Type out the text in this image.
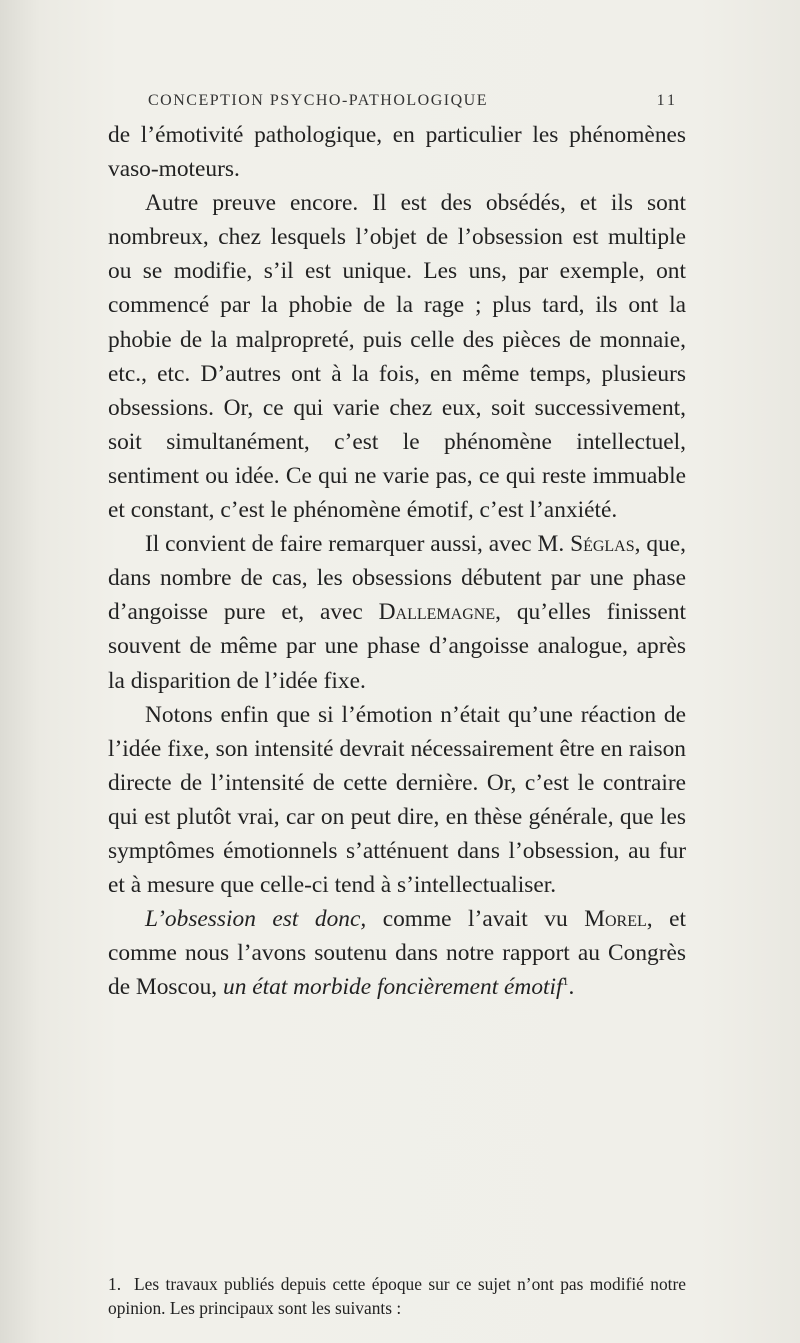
CONCEPTION PSYCHO-PATHOLOGIQUE	11

de l’émotivité pathologique, en particulier les phénomènes vaso-moteurs.

Autre preuve encore. Il est des obsédés, et ils sont nombreux, chez lesquels l’objet de l’obsession est multiple ou se modifie, s’il est unique. Les uns, par exemple, ont commencé par la phobie de la rage ; plus tard, ils ont la phobie de la malpropreté, puis celle des pièces de monnaie, etc., etc. D’autres ont à la fois, en même temps, plusieurs obsessions. Or, ce qui varie chez eux, soit successivement, soit simultanément, c’est le phénomène intellectuel, sentiment ou idée. Ce qui ne varie pas, ce qui reste immuable et constant, c’est le phénomène émotif, c’est l’anxiété.

Il convient de faire remarquer aussi, avec M. Séglas, que, dans nombre de cas, les obsessions débutent par une phase d’angoisse pure et, avec Dallemagne, qu’elles finissent souvent de même par une phase d’angoisse analogue, après la disparition de l’idée fixe.

Notons enfin que si l’émotion n’était qu’une réaction de l’idée fixe, son intensité devrait nécessairement être en raison directe de l’intensité de cette dernière. Or, c’est le contraire qui est plutôt vrai, car on peut dire, en thèse générale, que les symptômes émotionnels s’atténuent dans l’obsession, au fur et à mesure que celle-ci tend à s’intellectualiser.

L’obsession est donc, comme l’avait vu Morel, et comme nous l’avons soutenu dans notre rapport au Congrès de Moscou, un état morbide foncièrement émotif$^1$.

1. Les travaux publiés depuis cette époque sur ce sujet n’ont pas modifié notre opinion. Les principaux sont les suivants :
